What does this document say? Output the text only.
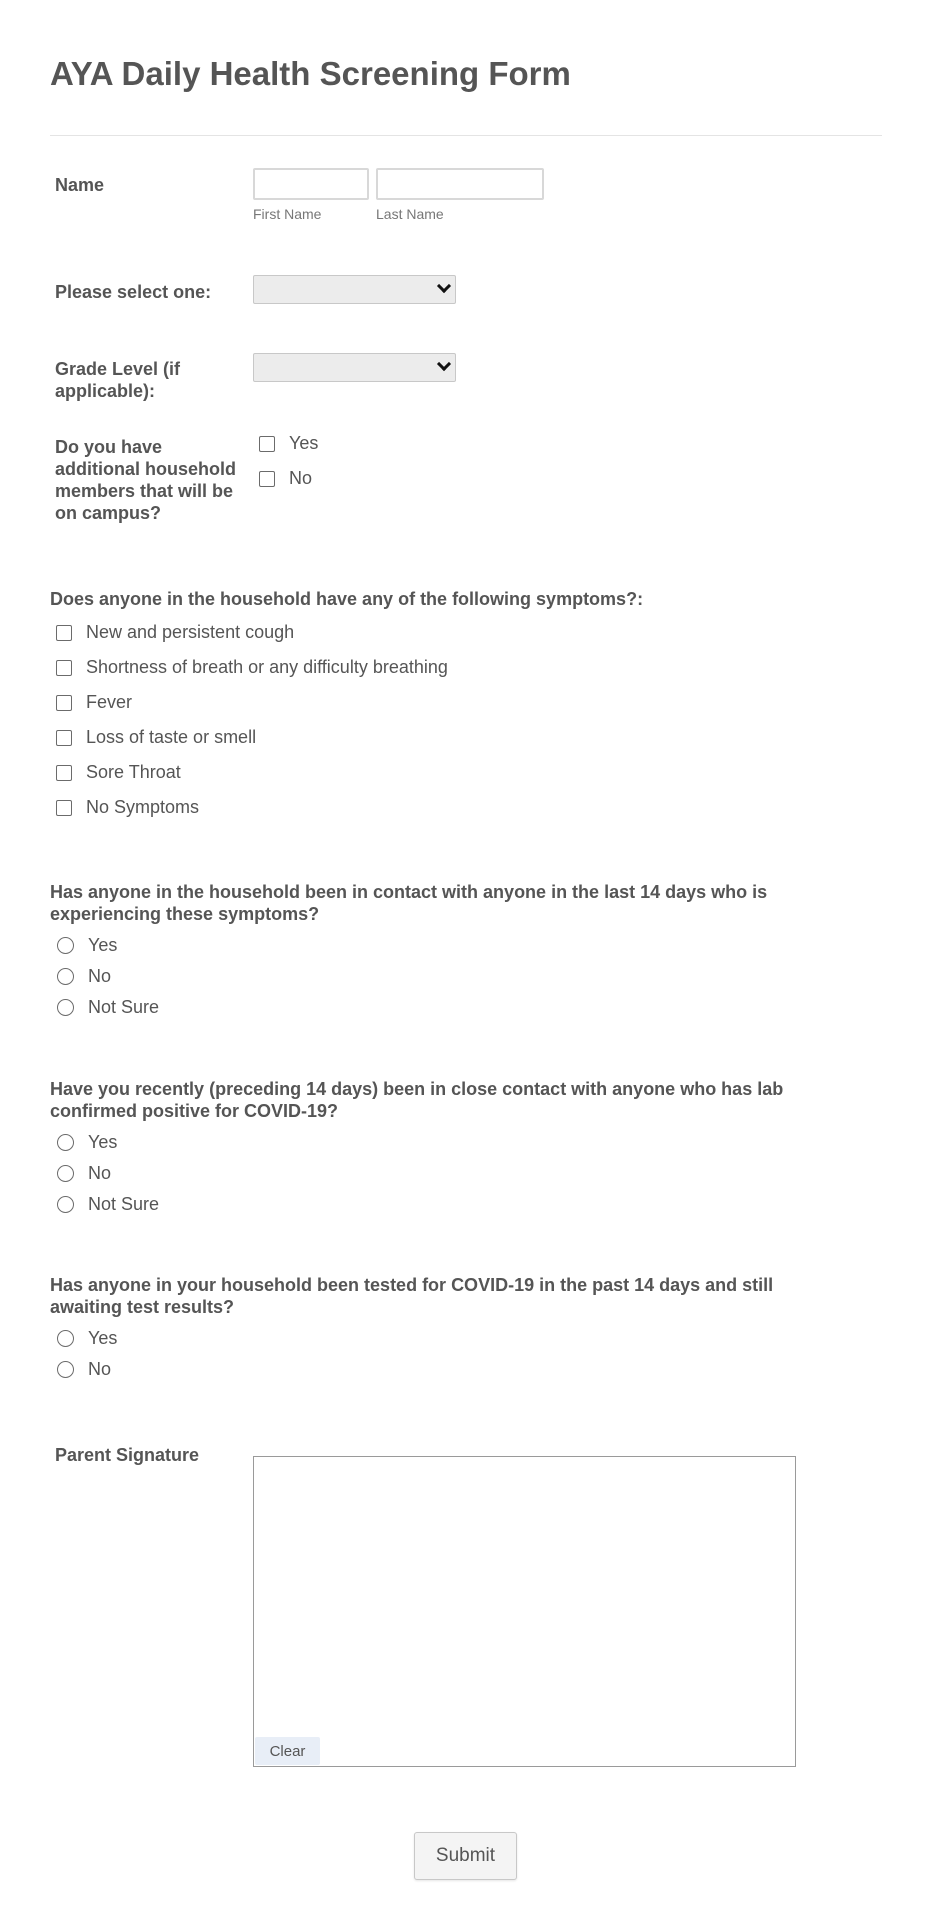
AYA Daily Health Screening Form
Name
First Name	Last Name
Please select one:
Grade Level (if
applicable):
Do you have
additional household
members that will be
on campus?
Yes
No
Does anyone in the household have any of the following symptoms?:
New and persistent cough
Shortness of breath or any difficulty breathing
Fever
Loss of taste or smell
Sore Throat
No Symptoms
Has anyone in the household been in contact with anyone in the last 14 days who is
experiencing these symptoms?
Yes
No
Not Sure
Have you recently (preceding 14 days) been in close contact with anyone who has lab
confirmed positive for COVID-19?
Yes
No
Not Sure
Has anyone in your household been tested for COVID-19 in the past 14 days and still
awaiting test results?
Yes
No
Parent Signature
Clear
Submit
